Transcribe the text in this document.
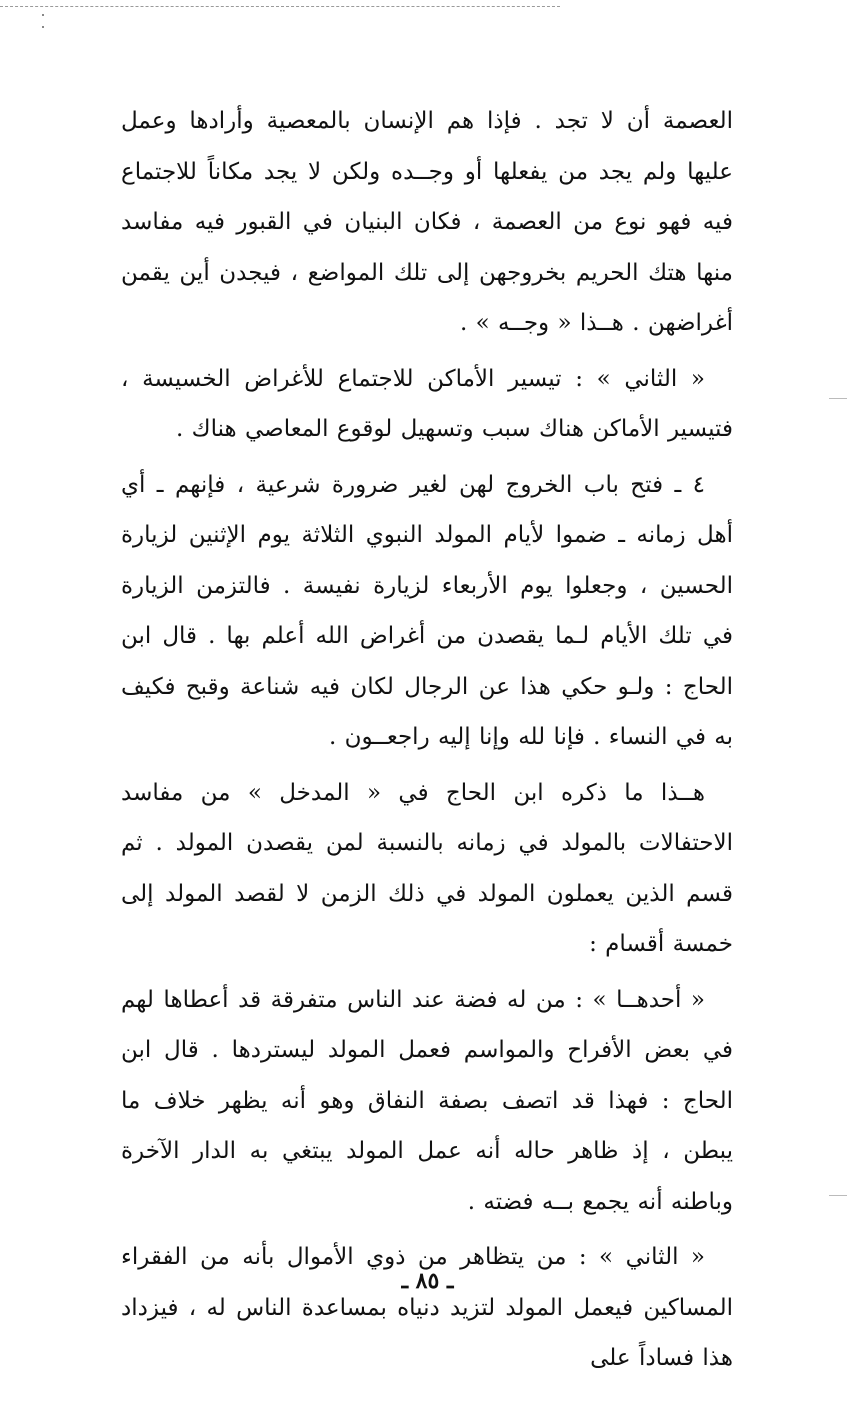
العصمة أن لا تجد . فإذا هم الإنسان بالمعصية وأرادها وعمل عليها ولم يجد من يفعلها أو وجــده ولكن لا يجد مكاناً للاجتماع فيه فهو نوع من العصمة ، فكان البنيان في القبور فيه مفاسد منها هتك الحريم بخروجهن إلى تلك المواضع ، فيجدن أين يقمن أغراضهن . هــذا « وجــه » .

« الثاني » : تيسير الأماكن للاجتماع للأغراض الخسيسة ، فتيسير الأماكن هناك سبب وتسهيل لوقوع المعاصي هناك .

٤ ـ فتح باب الخروج لهن لغير ضرورة شرعية ، فإنهم ـ أي أهل زمانه ـ ضموا لأيام المولد النبوي الثلاثة يوم الإثنين لزيارة الحسين ، وجعلوا يوم الأربعاء لزيارة نفيسة . فالتزمن الزيارة في تلك الأيام لـما يقصدن من أغراض الله أعلم بها . قال ابن الحاج : ولـو حكي هذا عن الرجال لكان فيه شناعة وقبح فكيف به في النساء . فإنا لله وإنا إليه راجعــون .

هــذا ما ذكره ابن الحاج في « المدخل » من مفاسد الاحتفالات بالمولد في زمانه بالنسبة لمن يقصدن المولد . ثم قسم الذين يعملون المولد في ذلك الزمن لا لقصد المولد إلى خمسة أقسام :

« أحدهــا » : من له فضة عند الناس متفرقة قد أعطاها لهم في بعض الأفراح والمواسم فعمل المولد ليستردها . قال ابن الحاج : فهذا قد اتصف بصفة النفاق وهو أنه يظهر خلاف ما يبطن ، إذ ظاهر حاله أنه عمل المولد يبتغي به الدار الآخرة وباطنه أنه يجمع بــه فضته .

« الثاني » : من يتظاهر من ذوي الأموال بأنه من الفقراء المساكين فيعمل المولد لتزيد دنياه بمساعدة الناس له ، فيزداد هذا فساداً على

ـ ٨٥ ـ
